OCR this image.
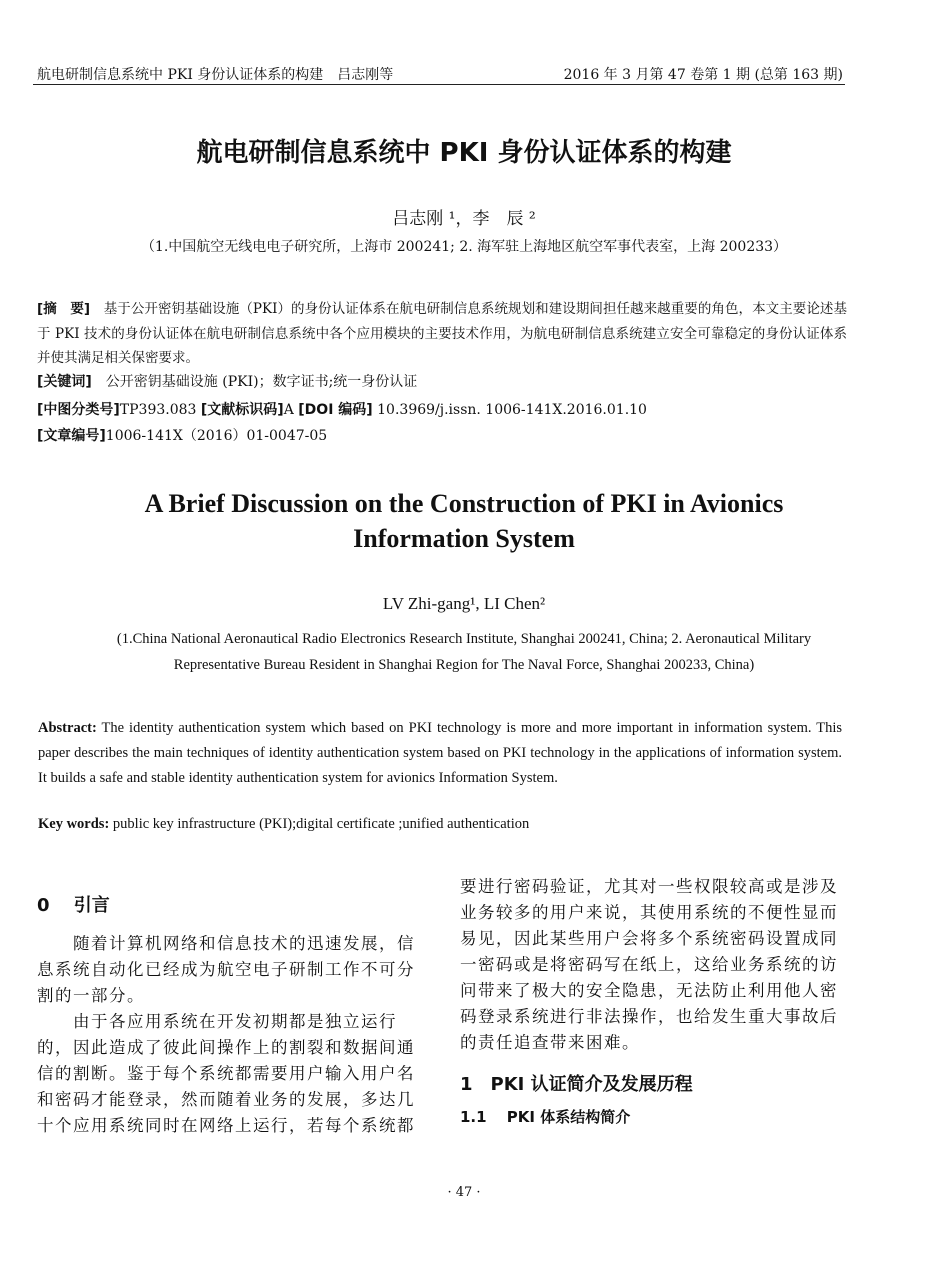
航电研制信息系统中 PKI 身份认证体系的构建　吕志刚等	2016 年 3 月第 47 卷第 1 期 (总第 163 期)
航电研制信息系统中 PKI 身份认证体系的构建
吕志刚 ¹，李　辰 ²
（1.中国航空无线电电子研究所，上海市 200241; 2. 海军驻上海地区航空军事代表室，上海 200233）
[摘　要]　基于公开密钥基础设施（PKI）的身份认证体系在航电研制信息系统规划和建设期间担任越来越重要的角色，本文主要论述基于 PKI 技术的身份认证体在航电研制信息系统中各个应用模块的主要技术作用，为航电研制信息系统建立安全可靠稳定的身份认证体系并使其满足相关保密要求。
[关键词]　公开密钥基础设施 (PKI)；数字证书;统一身份认证
[中图分类号]TP393.083 [文献标识码]A [DOI 编码] 10.3969/j.issn. 1006-141X.2016.01.10
[文章编号]1006-141X（2016）01-0047-05
A Brief Discussion on the Construction of PKI in Avionics
Information System
LV Zhi-gang¹, LI Chen²
(1.China National Aeronautical Radio Electronics Research Institute, Shanghai 200241, China; 2. Aeronautical Military
Representative Bureau Resident in Shanghai Region for The Naval Force, Shanghai 200233, China)
Abstract: The identity authentication system which based on PKI technology is more and more important in information system. This paper describes the main techniques of identity authentication system based on PKI technology in the applications of information system. It builds a safe and stable identity authentication system for avionics Information System.
Key words: public key infrastructure (PKI);digital certificate ;unified authentication
0　 引言
　　随着计算机网络和信息技术的迅速发展，信
息系统自动化已经成为航空电子研制工作不可分
割的一部分。
　　由于各应用系统在开发初期都是独立运行
的，因此造成了彼此间操作上的割裂和数据间通
信的割断。鉴于每个系统都需要用户输入用户名
和密码才能登录，然而随着业务的发展，多达几
十个应用系统同时在网络上运行，若每个系统都
要进行密码验证，尤其对一些权限较高或是涉及
业务较多的用户来说，其使用系统的不便性显而
易见，因此某些用户会将多个系统密码设置成同
一密码或是将密码写在纸上，这给业务系统的访
问带来了极大的安全隐患，无法防止利用他人密
码登录系统进行非法操作，也给发生重大事故后
的责任追查带来困难。
1　PKI 认证简介及发展历程
1.1　 PKI 体系结构简介
· 47 ·
